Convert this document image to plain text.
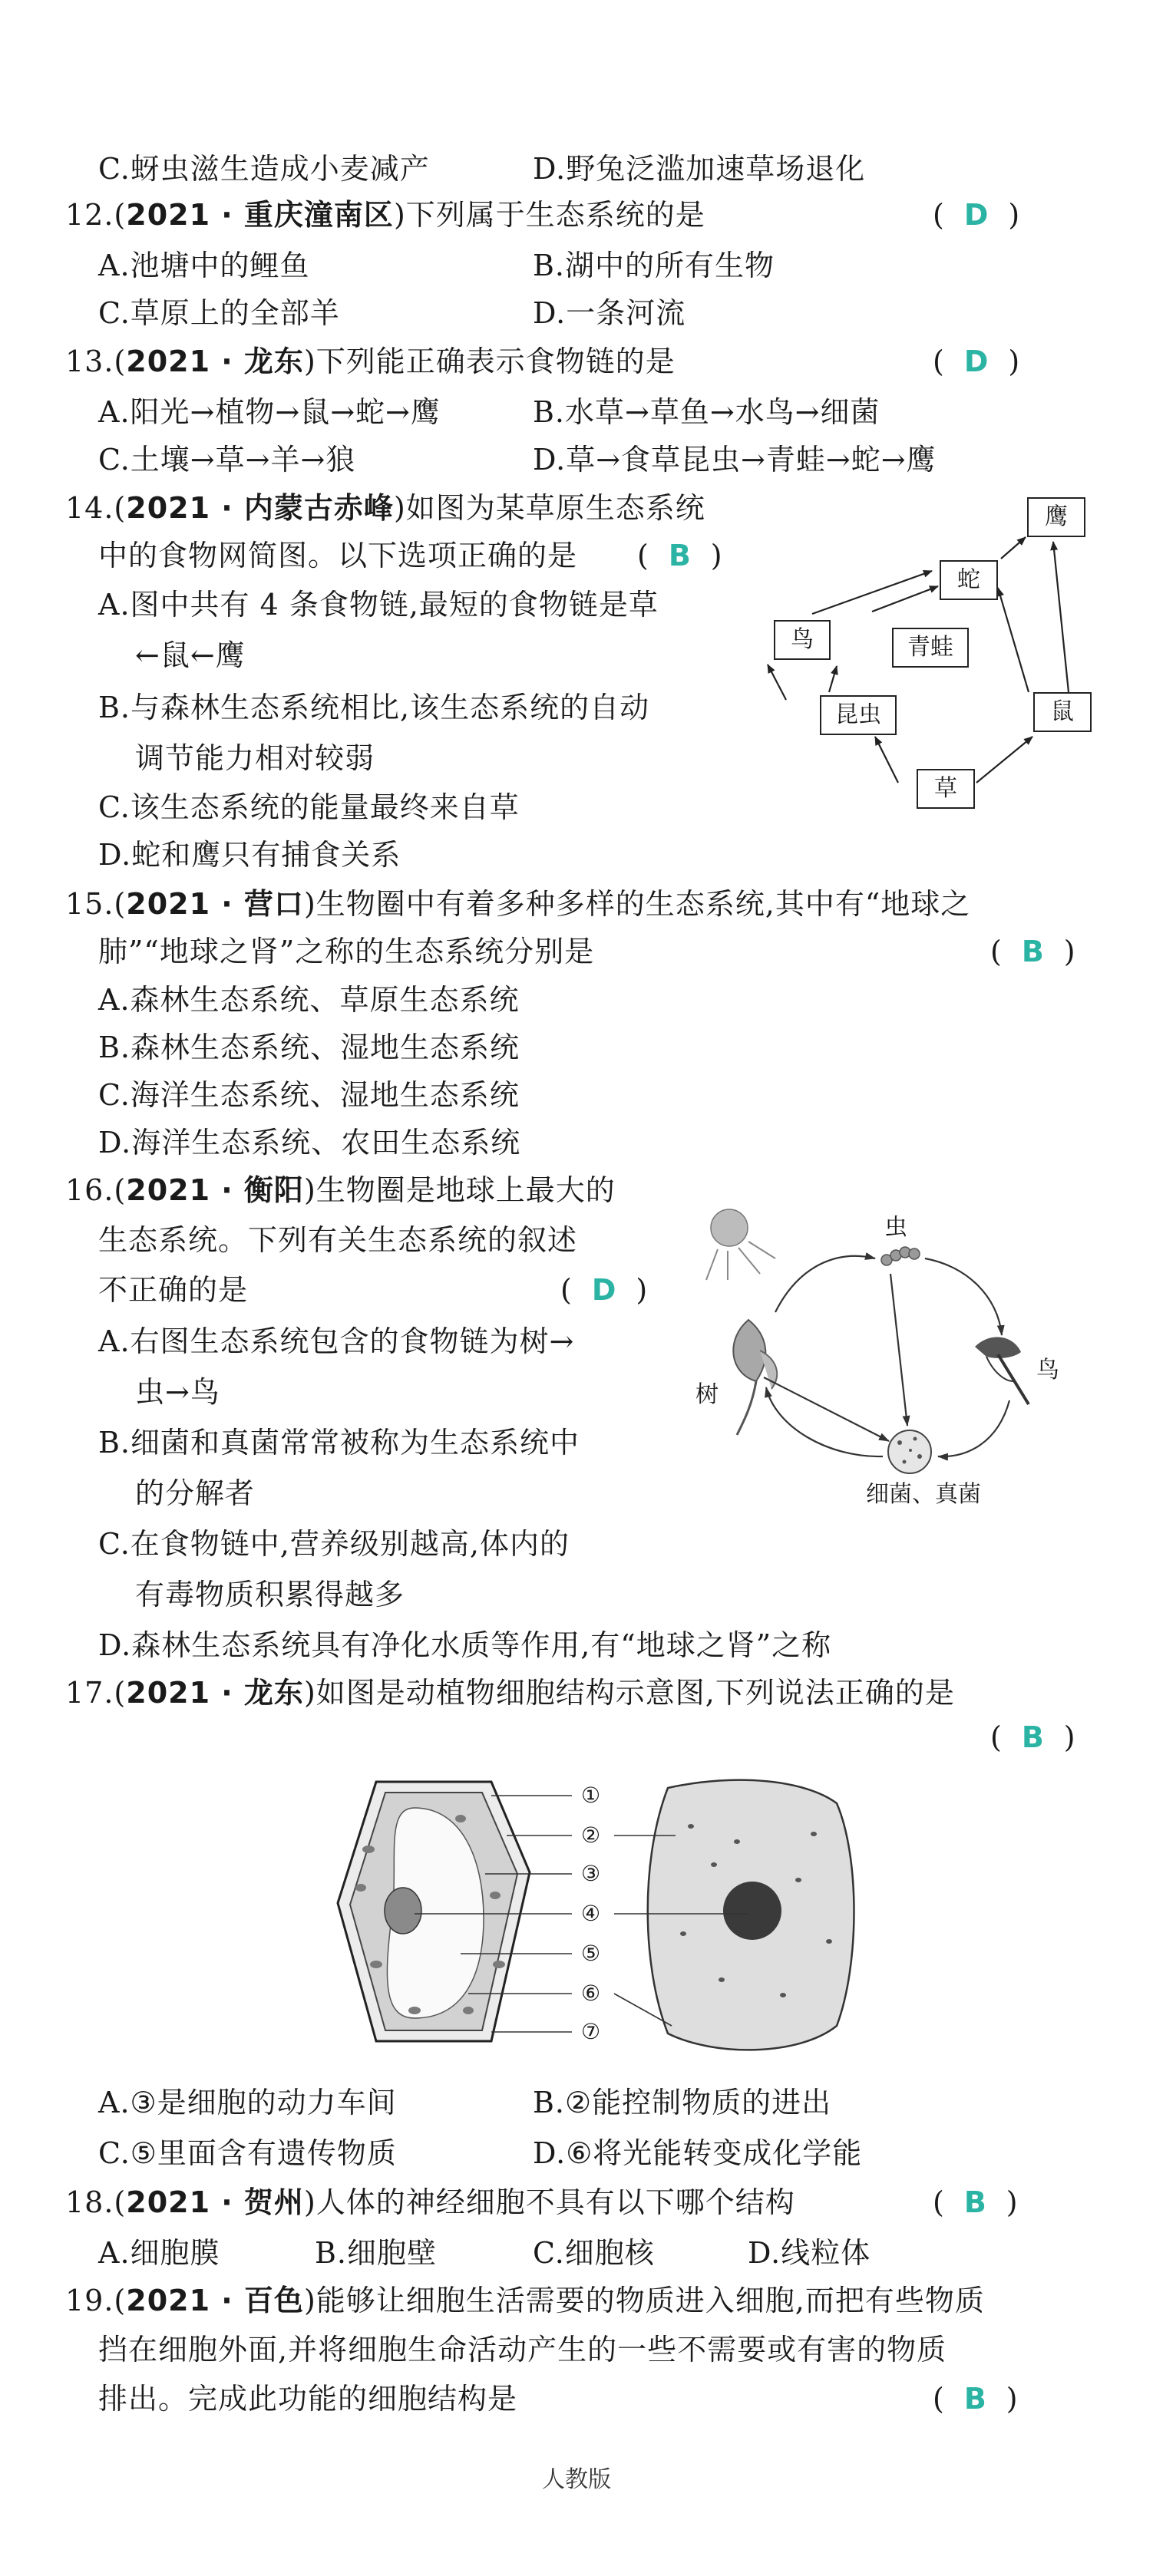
C.蚜虫滋生造成小麦减产	D.野兔泛滥加速草场退化
12.(2021 · 重庆潼南区)下列属于生态系统的是	( D )
A.池塘中的鲤鱼	B.湖中的所有生物
C.草原上的全部羊	D.一条河流
13.(2021 · 龙东)下列能正确表示食物链的是	( D )
A.阳光→植物→鼠→蛇→鹰	B.水草→草鱼→水鸟→细菌
C.土壤→草→羊→狼	D.草→食草昆虫→青蛙→蛇→鹰
14.(2021 · 内蒙古赤峰)如图为某草原生态系统
中的食物网简图。以下选项正确的是 ( B )
A.图中共有 4 条食物链,最短的食物链是草
←鼠←鹰
B.与森林生态系统相比,该生态系统的自动
调节能力相对较弱
C.该生态系统的能量最终来自草
D.蛇和鹰只有捕食关系
鹰
蛇
鸟	青蛙
昆虫	鼠
草
15.(2021 · 营口)生物圈中有着多种多样的生态系统,其中有“地球之
肺”“地球之肾”之称的生态系统分别是	( B )
A.森林生态系统、草原生态系统
B.森林生态系统、湿地生态系统
C.海洋生态系统、湿地生态系统
D.海洋生态系统、农田生态系统
16.(2021 · 衡阳)生物圈是地球上最大的
生态系统。下列有关生态系统的叙述
不正确的是	( D )
A.右图生态系统包含的食物链为树→
虫→鸟
B.细菌和真菌常常被称为生态系统中
的分解者
C.在食物链中,营养级别越高,体内的
有毒物质积累得越多
D.森林生态系统具有净化水质等作用,有“地球之肾”之称
虫
鸟
树
细菌、真菌
17.(2021 · 龙东)如图是动植物细胞结构示意图,下列说法正确的是
( B )
①
②
③
④
⑤
⑥
⑦
A.③是细胞的动力车间	B.②能控制物质的进出
C.⑤里面含有遗传物质	D.⑥将光能转变成化学能
18.(2021 · 贺州)人体的神经细胞不具有以下哪个结构	( B )
A.细胞膜	B.细胞壁	C.细胞核	D.线粒体
19.(2021 · 百色)能够让细胞生活需要的物质进入细胞,而把有些物质
挡在细胞外面,并将细胞生命活动产生的一些不需要或有害的物质
排出。完成此功能的细胞结构是	( B )
人教版
